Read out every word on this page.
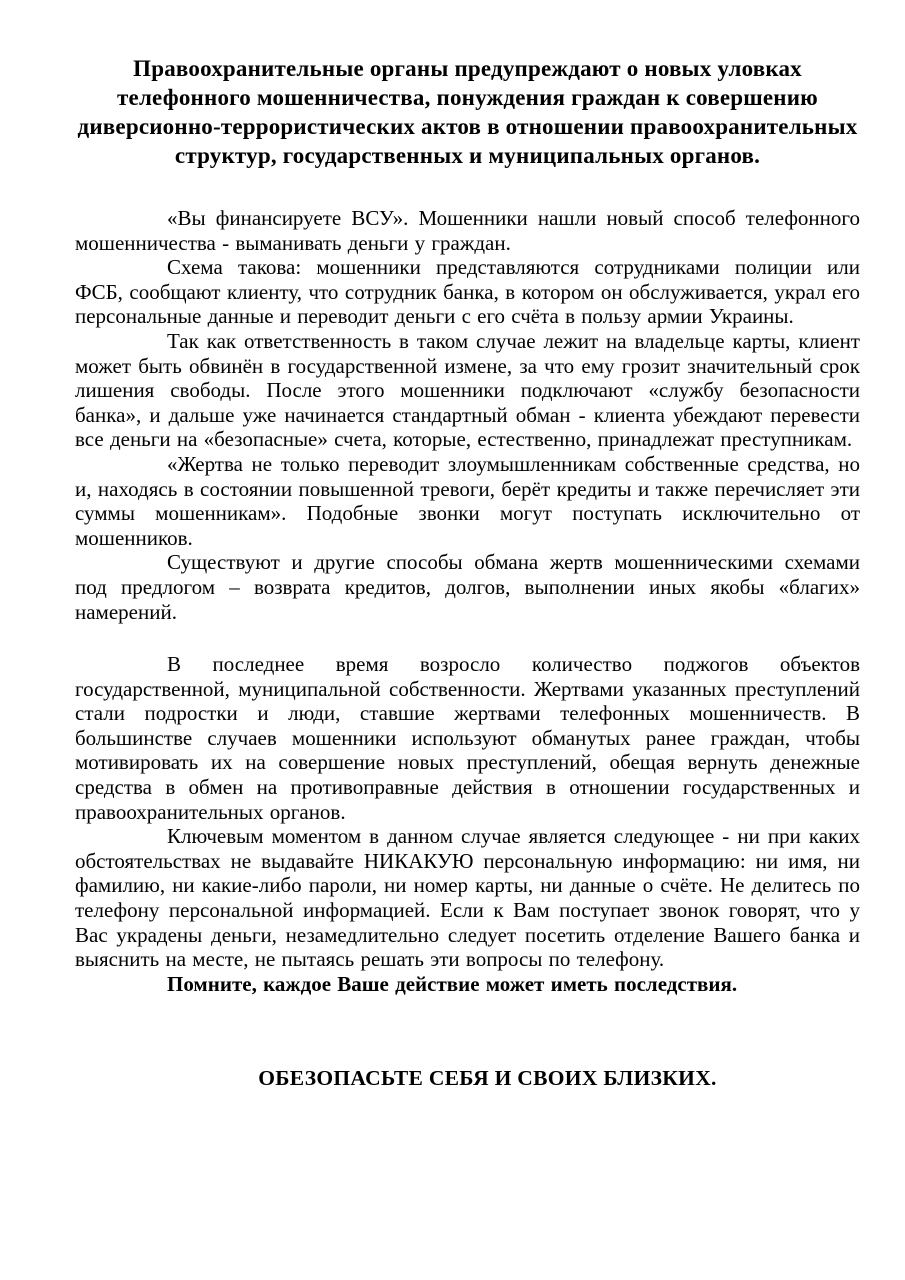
Правоохранительные органы предупреждают о новых уловках телефонного мошенничества, понуждения граждан к совершению диверсионно-террористических актов в отношении правоохранительных структур, государственных и муниципальных органов.

«Вы финансируете ВСУ». Мошенники нашли новый способ телефонного мошенничества - выманивать деньги у граждан.

Схема такова: мошенники представляются сотрудниками полиции или ФСБ, сообщают клиенту, что сотрудник банка, в котором он обслуживается, украл его персональные данные и переводит деньги с его счёта в пользу армии Украины.

Так как ответственность в таком случае лежит на владельце карты, клиент может быть обвинён в государственной измене, за что ему грозит значительный срок лишения свободы. После этого мошенники подключают «службу безопасности банка», и дальше уже начинается стандартный обман - клиента убеждают перевести все деньги на «безопасные» счета, которые, естественно, принадлежат преступникам.

«Жертва не только переводит злоумышленникам собственные средства, но и, находясь в состоянии повышенной тревоги, берёт кредиты и также перечисляет эти суммы мошенникам». Подобные звонки могут поступать исключительно от мошенников.

Существуют и другие способы обмана жертв мошенническими схемами под предлогом – возврата кредитов, долгов, выполнении иных якобы «благих» намерений.

В последнее время возросло количество поджогов объектов государственной, муниципальной собственности. Жертвами указанных преступлений стали подростки и люди, ставшие жертвами телефонных мошенничеств. В большинстве случаев мошенники используют обманутых ранее граждан, чтобы мотивировать их на совершение новых преступлений, обещая вернуть денежные средства в обмен на противоправные действия в отношении государственных и правоохранительных органов.

Ключевым моментом в данном случае является следующее - ни при каких обстоятельствах не выдавайте НИКАКУЮ персональную информацию: ни имя, ни фамилию, ни какие-либо пароли, ни номер карты, ни данные о счёте. Не делитесь по телефону персональной информацией. Если к Вам поступает звонок говорят, что у Вас украдены деньги, незамедлительно следует посетить отделение Вашего банка и выяснить на месте, не пытаясь решать эти вопросы по телефону.

Помните, каждое Ваше действие может иметь последствия.

ОБЕЗОПАСЬТЕ СЕБЯ И СВОИХ БЛИЗКИХ.
